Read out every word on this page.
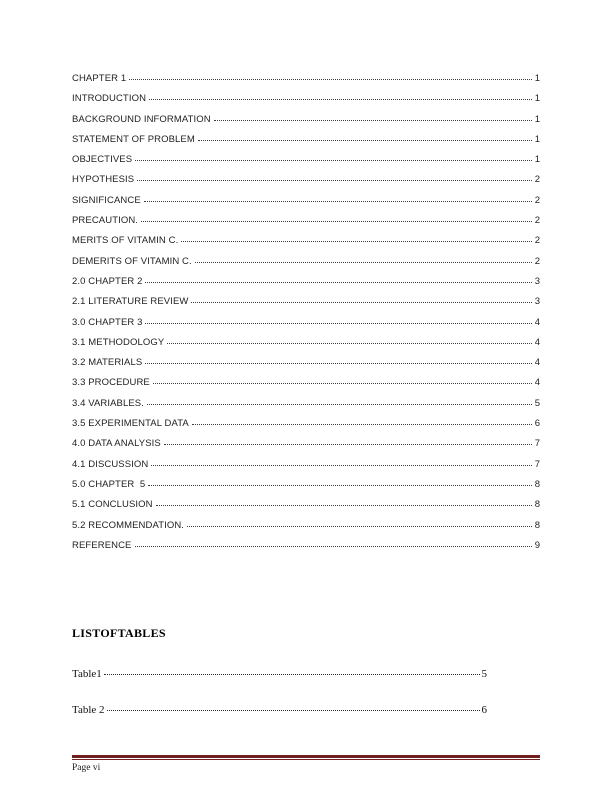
CHAPTER 1	1
INTRODUCTION	1
BACKGROUND INFORMATION	1
STATEMENT OF PROBLEM	1
OBJECTIVES	1
HYPOTHESIS	2
SIGNIFICANCE	2
PRECAUTION.	2
MERITS OF VITAMIN C.	2
DEMERITS OF VITAMIN C.	2
2.0 CHAPTER 2	3
2.1 LITERATURE REVIEW	3
3.0 CHAPTER 3	4
3.1 METHODOLOGY	4
3.2 MATERIALS	4
3.3 PROCEDURE	4
3.4 VARIABLES.	5
3.5 EXPERIMENTAL DATA	6
4.0 DATA ANALYSIS	7
4.1 DISCUSSION	7
5.0 CHAPTER  5	8
5.1 CONCLUSION	8
5.2 RECOMMENDATION.	8
REFERENCE	9
LISTOFTABLES
Table1	5
Table 2	6
Page vi
